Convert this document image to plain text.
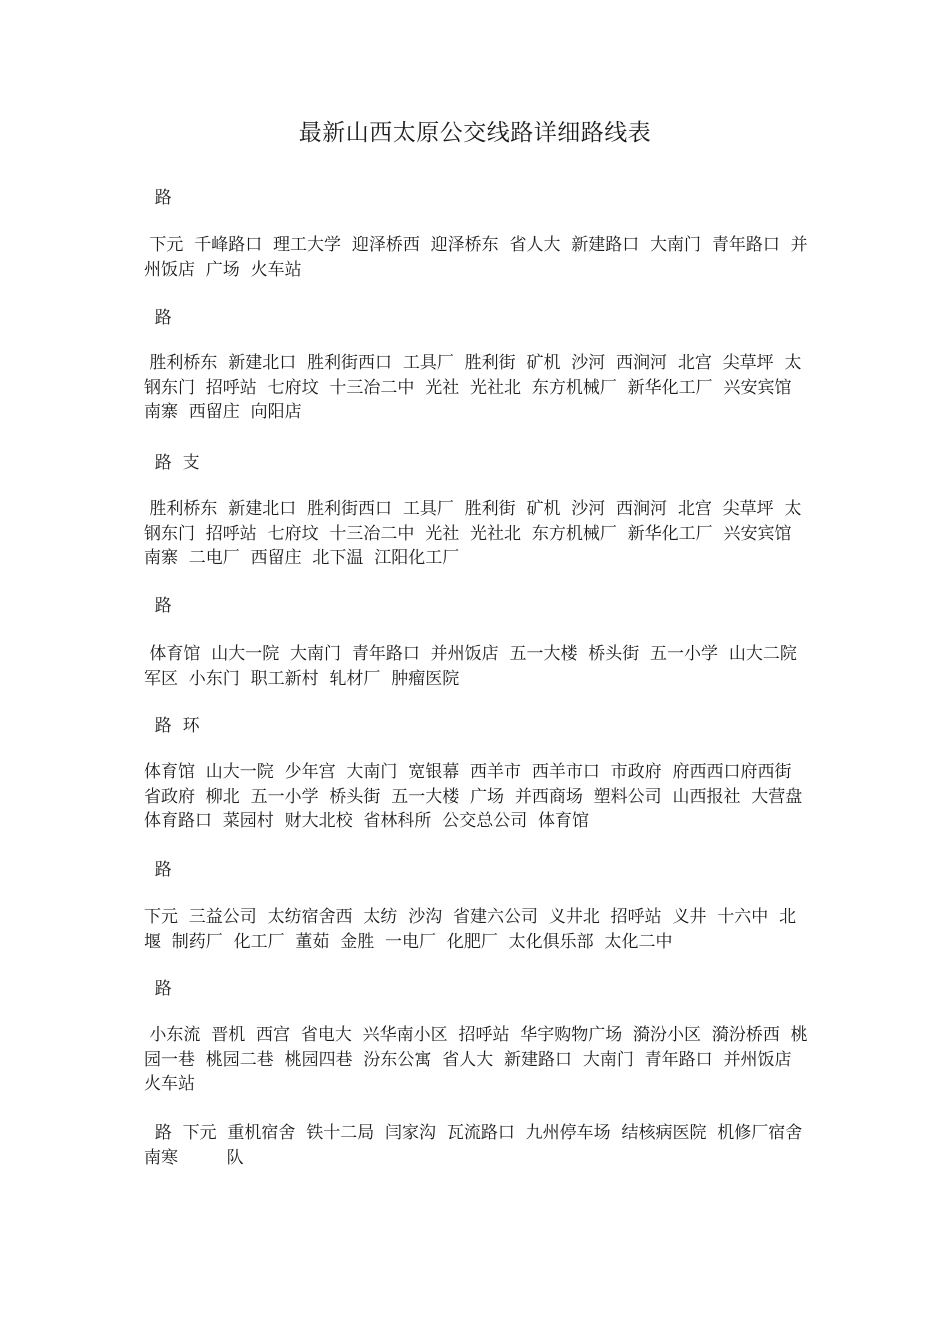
最新山西太原公交线路详细路线表
路
下元  千峰路口  理工大学  迎泽桥西  迎泽桥东  省人大  新建路口  大南门  青年路口  并州饭店  广场  火车站
路
胜利桥东  新建北口  胜利街西口  工具厂  胜利街  矿机  沙河  西涧河  北宫  尖草坪  太钢东门  招呼站  七府坟  十三冶二中  光社  光社北  东方机械厂  新华化工厂  兴安宾馆  南寨  西留庄  向阳店
路  支
胜利桥东  新建北口  胜利街西口  工具厂  胜利街  矿机  沙河  西涧河  北宫  尖草坪  太钢东门  招呼站  七府坟  十三冶二中  光社  光社北  东方机械厂  新华化工厂  兴安宾馆  南寨  二电厂  西留庄  北下温  江阳化工厂
路
体育馆  山大一院  大南门  青年路口  并州饭店  五一大楼  桥头街  五一小学  山大二院  军区  小东门  职工新村  轧材厂  肿瘤医院
路  环
体育馆  山大一院  少年宫  大南门  宽银幕  西羊市  西羊市口  市政府  府西西口府西街  省政府  柳北  五一小学  桥头街  五一大楼  广场  并西商场  塑料公司  山西报社  大营盘  体育路口  菜园村  财大北校  省林科所  公交总公司  体育馆
路
下元  三益公司  太纺宿舍西  太纺  沙沟  省建六公司  义井北  招呼站  义井  十六中  北堰  制药厂  化工厂  董茹  金胜  一电厂  化肥厂  太化俱乐部  太化二中
路
小东流  晋机  西宫  省电大  兴华南小区  招呼站  华宇购物广场  漪汾小区  漪汾桥西  桃园一巷  桃园二巷  桃园四巷  汾东公寓  省人大  新建路口  大南门  青年路口  并州饭店  火车站
路  下元  重机宿舍  铁十二局  闫家沟  瓦流路口  九州停车场  结核病医院  机修厂宿舍  南寒         队
